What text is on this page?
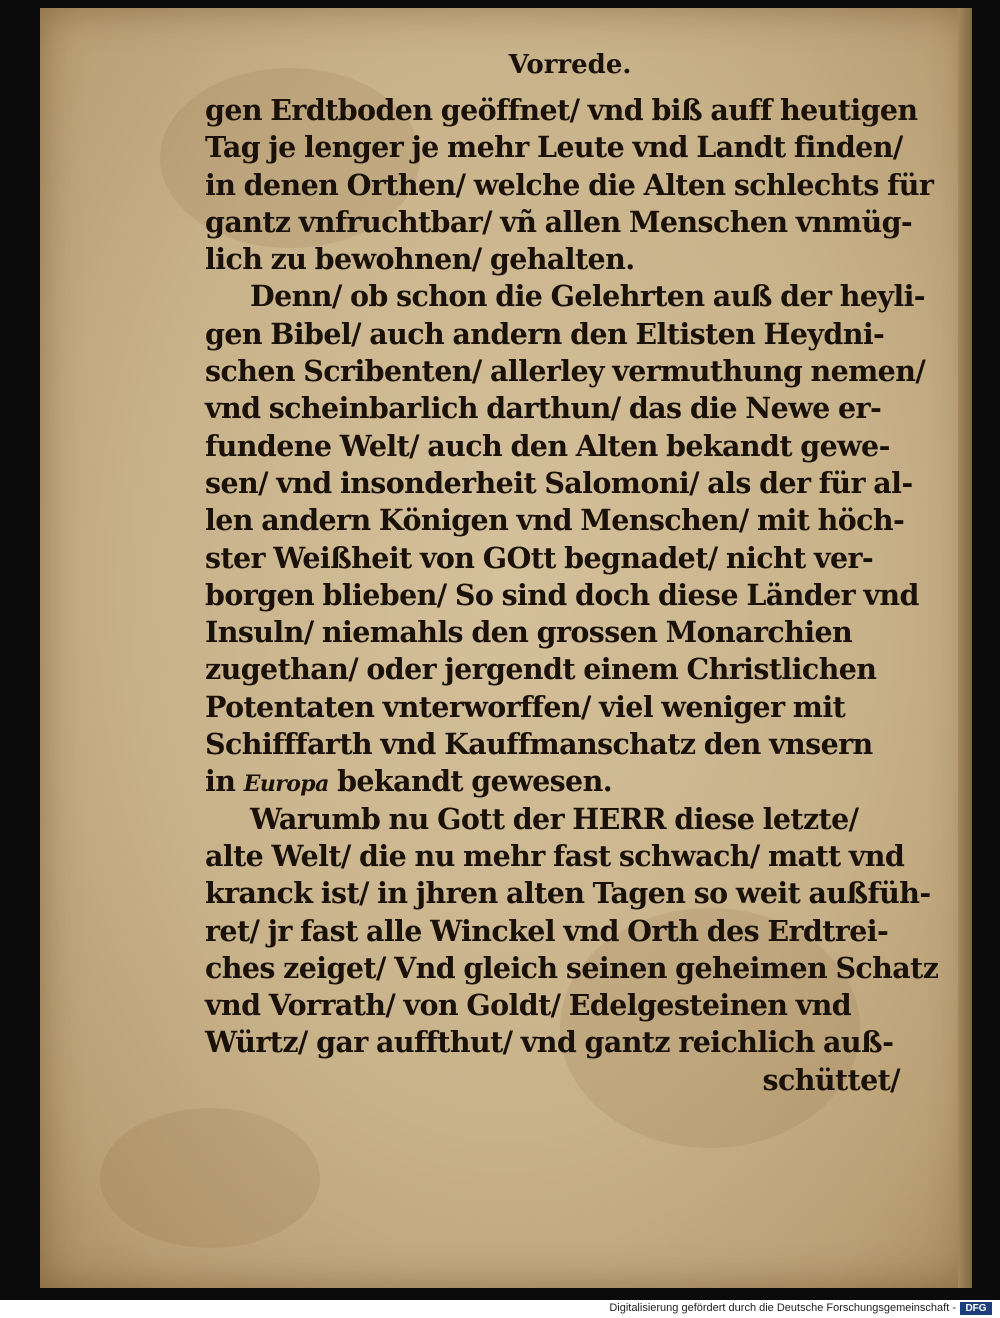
Vorrede.
gen Erdtboden geöffnet/ vnd biß auff heutigen
Tag je lenger je mehr Leute vnd Landt finden/
in denen Orthen/ welche die Alten schlechts für
gantz vnfruchtbar/ vñ allen Menschen vnmüg-
lich zu bewohnen/ gehalten.
Denn/ ob schon die Gelehrten auß der heyli-
gen Bibel/ auch andern den Eltisten Heydni-
schen Scribenten/ allerley vermuthung nemen/
vnd scheinbarlich darthun/ das die Newe er-
fundene Welt/ auch den Alten bekandt gewe-
sen/ vnd insonderheit Salomoni/ als der für al-
len andern Königen vnd Menschen/ mit höch-
ster Weißheit von GOtt begnadet/ nicht ver-
borgen blieben/ So sind doch diese Länder vnd
Insuln/ niemahls den grossen Monarchien
zugethan/ oder jergendt einem Christlichen
Potentaten vnterworffen/ viel weniger mit
Schifffarth vnd Kauffmanschatz den vnsern
in Europa bekandt gewesen.
Warumb nu Gott der HERR diese letzte/
alte Welt/ die nu mehr fast schwach/ matt vnd
kranck ist/ in jhren alten Tagen so weit außfüh-
ret/ jr fast alle Winckel vnd Orth des Erdtrei-
ches zeiget/ Vnd gleich seinen geheimen Schatz
vnd Vorrath/ von Goldt/ Edelgesteinen vnd
Würtz/ gar auffthut/ vnd gantz reichlich auß-
schüttet/
Digitalisierung gefördert durch die Deutsche Forschungsgemeinschaft - DFG
